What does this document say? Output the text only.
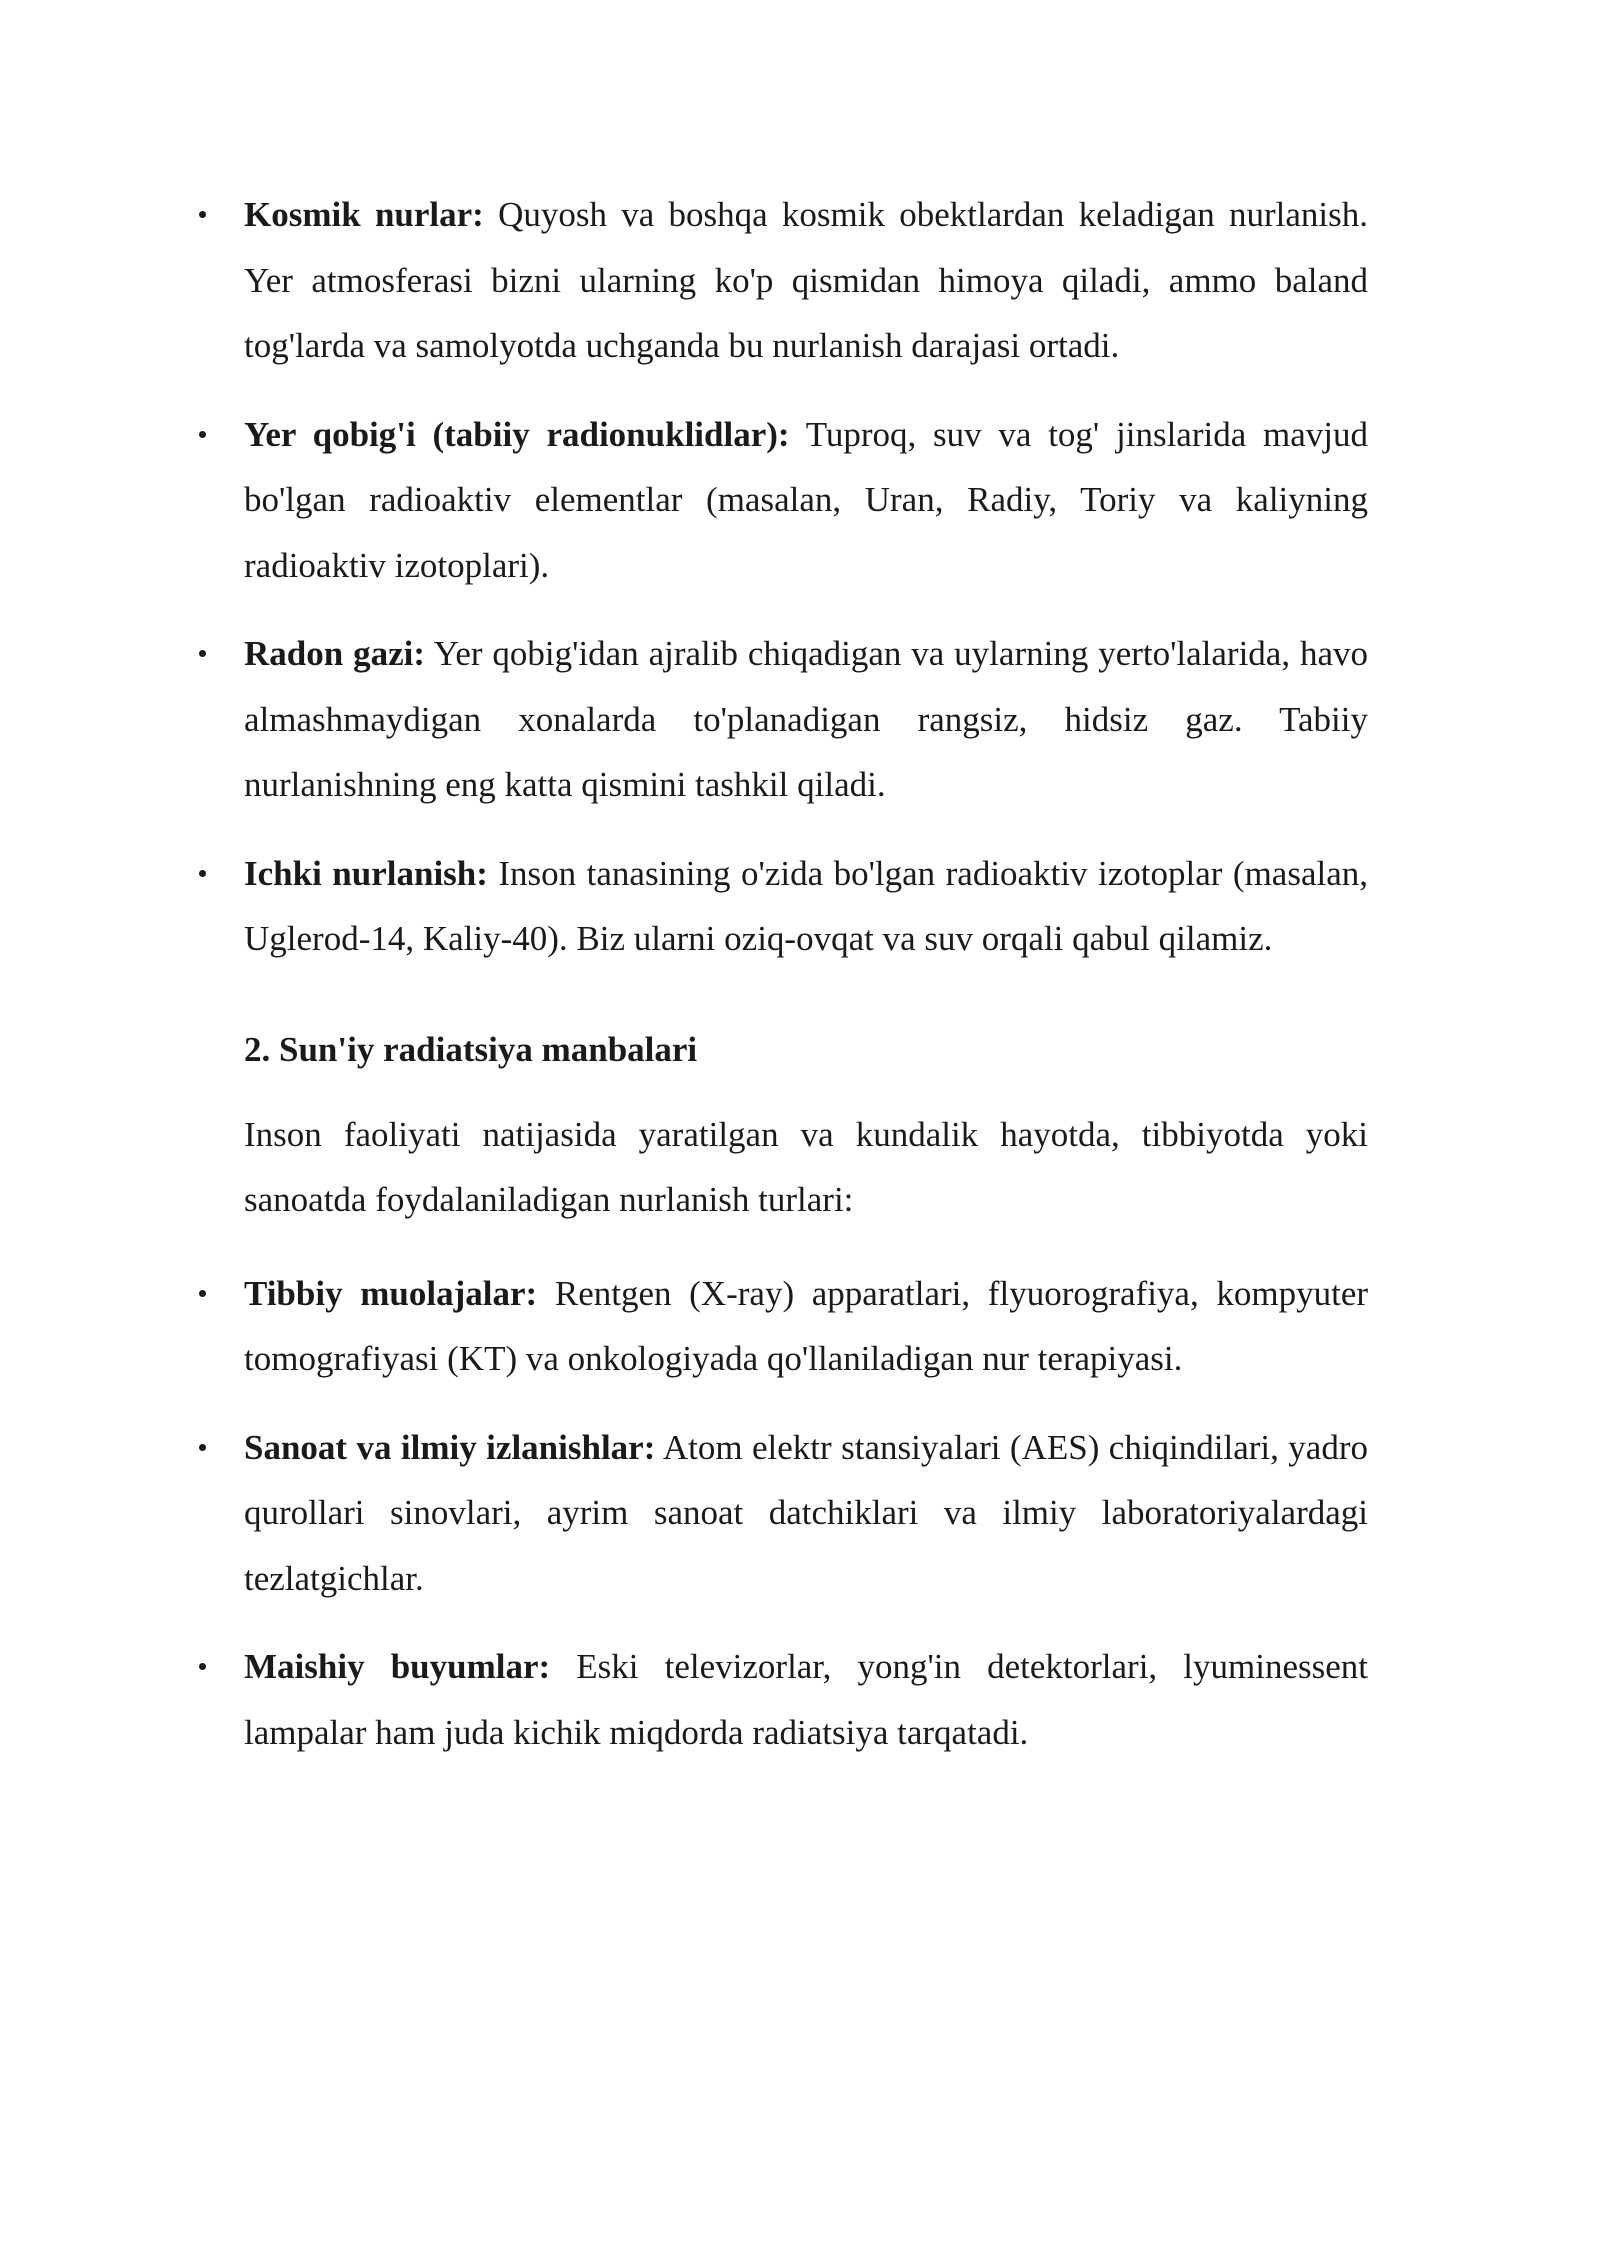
Kosmik nurlar: Quyosh va boshqa kosmik obektlardan keladigan nurlanish. Yer atmosferasi bizni ularning ko'p qismidan himoya qiladi, ammo baland tog'larda va samolyotda uchganda bu nurlanish darajasi ortadi.
Yer qobig'i (tabiiy radionuklidlar): Tuproq, suv va tog' jinslarida mavjud bo'lgan radioaktiv elementlar (masalan, Uran, Radiy, Toriy va kaliyning radioaktiv izotoplari).
Radon gazi: Yer qobig'idan ajralib chiqadigan va uylarning yerto'lalarida, havo almashmaydigan xonalarda to'planadigan rangsiz, hidsiz gaz. Tabiiy nurlanishning eng katta qismini tashkil qiladi.
Ichki nurlanish: Inson tanasining o'zida bo'lgan radioaktiv izotoplar (masalan, Uglerod-14, Kaliy-40). Biz ularni oziq-ovqat va suv orqali qabul qilamiz.
2. Sun'iy radiatsiya manbalari

Inson faoliyati natijasida yaratilgan va kundalik hayotda, tibbiyotda yoki sanoatda foydalaniladigan nurlanish turlari:

Tibbiy muolajalar: Rentgen (X-ray) apparatlari, flyuorografiya, kompyuter tomografiyasi (KT) va onkologiyada qo'llaniladigan nur terapiyasi.
Sanoat va ilmiy izlanishlar: Atom elektr stansiyalari (AES) chiqindilari, yadro qurollari sinovlari, ayrim sanoat datchiklari va ilmiy laboratoriyalardagi tezlatgichlar.
Maishiy buyumlar: Eski televizorlar, yong'in detektorlari, lyuminessent lampalar ham juda kichik miqdorda radiatsiya tarqatadi.
